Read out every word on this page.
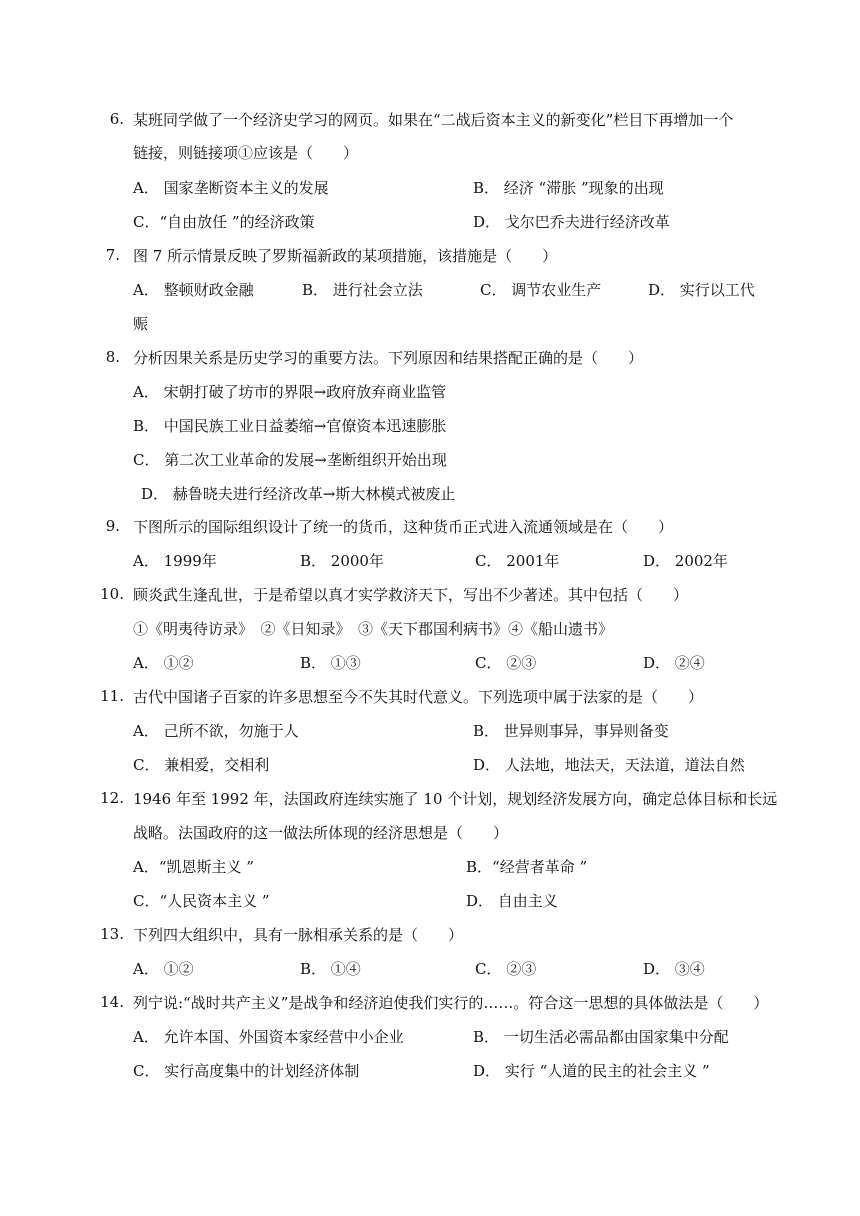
6. 某班同学做了一个经济史学习的网页。如果在“二战后资本主义的新变化”栏目下再增加一个
链接，则链接项①应该是（　　）
A． 国家垄断资本主义的发展	B． 经济 “滞胀 ”现象的出现
C．“自由放任 ”的经济政策	D． 戈尔巴乔夫进行经济改革
7. 图 7 所示情景反映了罗斯福新政的某项措施，该措施是（　　）
A． 整顿财政金融	B． 进行社会立法	C． 调节农业生产	D． 实行以工代
赈
8. 分析因果关系是历史学习的重要方法。下列原因和结果搭配正确的是（　　）
A． 宋朝打破了坊市的界限→政府放弃商业监管
B． 中国民族工业日益萎缩→官僚资本迅速膨胀
C． 第二次工业革命的发展→垄断组织开始出现
D． 赫鲁晓夫进行经济改革→斯大林模式被废止
9. 下图所示的国际组织设计了统一的货币，这种货币正式进入流通领域是在（　　）
A． 1999年	B． 2000年	C． 2001年	D． 2002年
10. 顾炎武生逢乱世，于是希望以真才实学救济天下，写出不少著述。其中包括（　　）
①《明夷待访录》　②《日知录》　③《天下郡国利病书》④《船山遗书》
A． ①②	B． ①③	C． ②③	D． ②④
11. 古代中国诸子百家的许多思想至今不失其时代意义。下列选项中属于法家的是（　　）
A． 己所不欲，勿施于人	B． 世异则事异，事异则备变
C． 兼相爱，交相利	D． 人法地，地法天，天法道，道法自然
12. 1946 年至 1992 年，法国政府连续实施了 10 个计划，规划经济发展方向，确定总体目标和长远
战略。法国政府的这一做法所体现的经济思想是（　　）
A．“凯恩斯主义 ”	B．“经营者革命 ”
C．“人民资本主义 ”	D． 自由主义
13. 下列四大组织中，具有一脉相承关系的是（　　）
A． ①②	B． ①④	C． ②③	D． ③④
14. 列宁说:“战时共产主义”是战争和经济迫使我们实行的……。符合这一思想的具体做法是（　　）
A． 允许本国、外国资本家经营中小企业	B． 一切生活必需品都由国家集中分配
C． 实行高度集中的计划经济体制	D． 实行 “人道的民主的社会主义 ”
